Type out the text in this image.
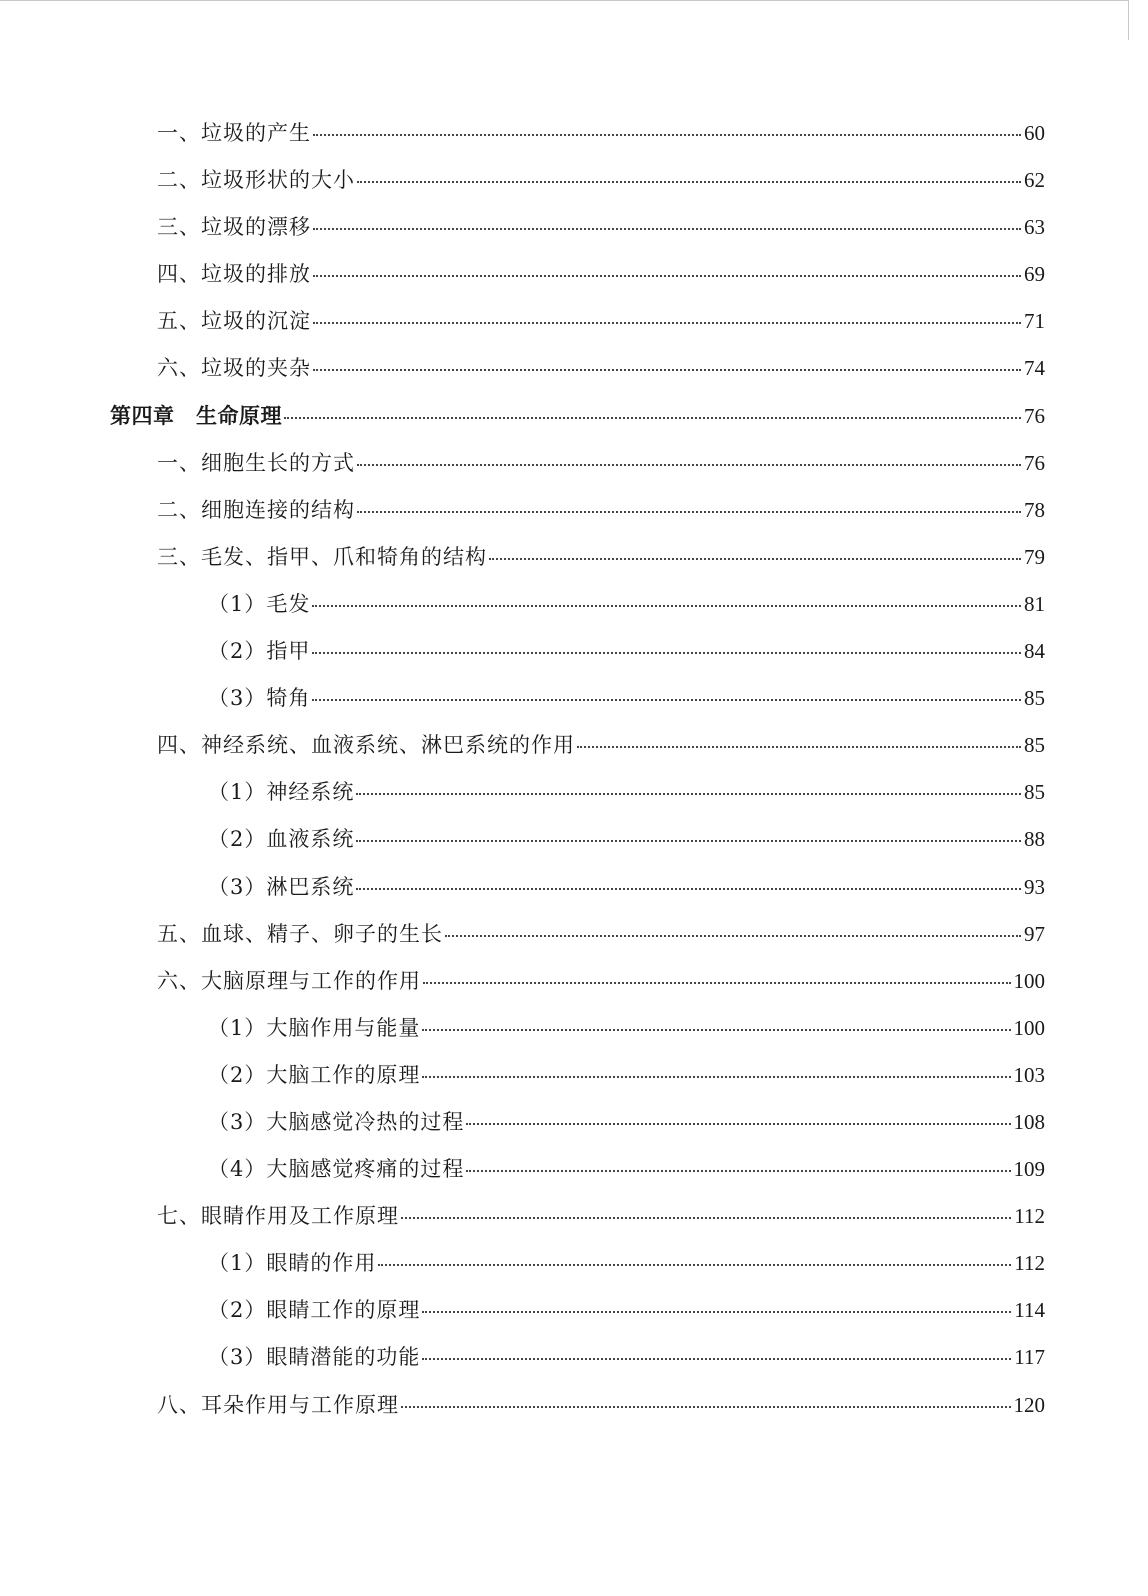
一、垃圾的产生	60
二、垃圾形状的大小	62
三、垃圾的漂移	63
四、垃圾的排放	69
五、垃圾的沉淀	71
六、垃圾的夹杂	74
第四章　生命原理	76
一、细胞生长的方式	76
二、细胞连接的结构	78
三、毛发、指甲、爪和犄角的结构	79
（1）毛发	81
（2）指甲	84
（3）犄角	85
四、神经系统、血液系统、淋巴系统的作用	85
（1）神经系统	85
（2）血液系统	88
（3）淋巴系统	93
五、血球、精子、卵子的生长	97
六、大脑原理与工作的作用	100
（1）大脑作用与能量	100
（2）大脑工作的原理	103
（3）大脑感觉冷热的过程	108
（4）大脑感觉疼痛的过程	109
七、眼睛作用及工作原理	112
（1）眼睛的作用	112
（2）眼睛工作的原理	114
（3）眼睛潜能的功能	117
八、耳朵作用与工作原理	120
